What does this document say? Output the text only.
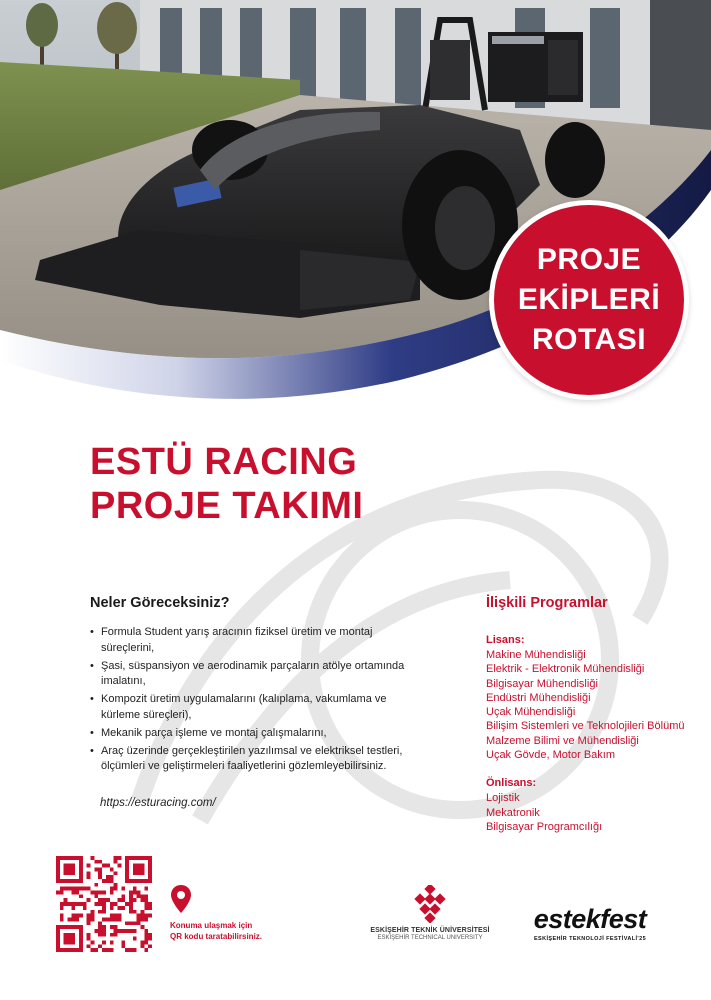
PROJE
EKİPLERİ
ROTASI
ESTÜ RACING
PROJE TAKIMI
Neler Göreceksiniz?
• Formula Student yarış aracının fiziksel üretim ve montaj süreçlerini,
• Şasi, süspansiyon ve aerodinamik parçaların atölye ortamında imalatını,
• Kompozit üretim uygulamalarını (kalıplama, vakumlama ve kürleme süreçleri),
• Mekanik parça işleme ve montaj çalışmalarını,
• Araç üzerinde gerçekleştirilen yazılımsal ve elektriksel testleri, ölçümleri ve geliştirmeleri faaliyetlerini gözlemleyebilirsiniz.
https://esturacing.com/
İlişkili Programlar

Lisans:

Makine Mühendisliği
Elektrik - Elektronik Mühendisliği
Bilgisayar Mühendisliği
Endüstri Mühendisliği
Uçak Mühendisliği
Bilişim Sistemleri ve Teknolojileri Bölümü
Malzeme Bilimi ve Mühendisliği
Uçak Gövde, Motor Bakım

Önlisans:

Lojistik
Mekatronik
Bilgisayar Programcılığı
Konuma ulaşmak için
QR kodu taratabilirsiniz.
ESKİŞEHİR TEKNİK ÜNİVERSİTESİ
ESKİŞEHİR TECHNICAL UNIVERSITY
estekfest
ESKİŞEHİR TEKNOLOJİ FESTİVALİ'25
